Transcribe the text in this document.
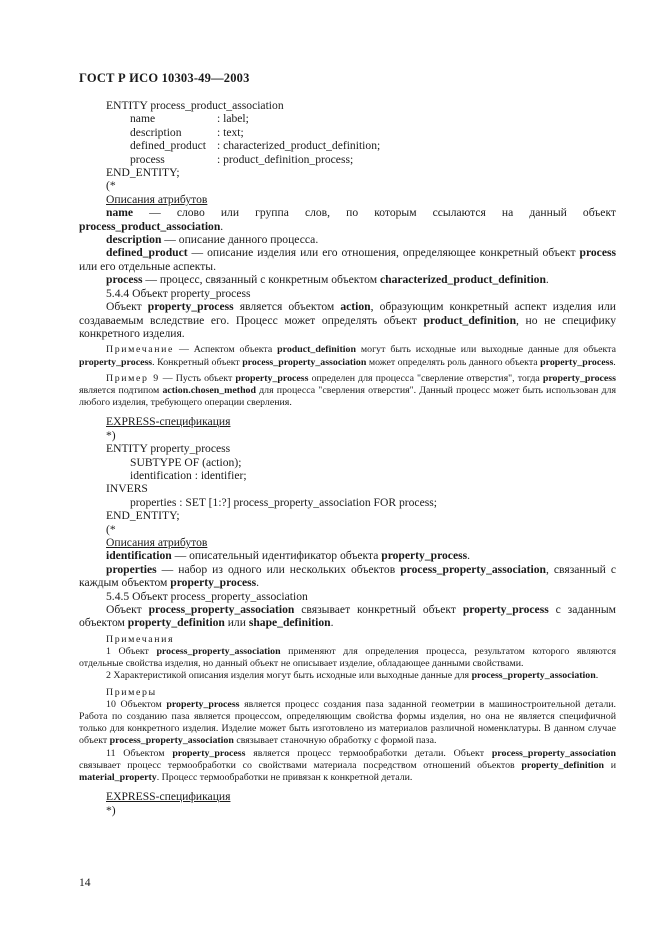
ГОСТ Р ИСО 10303-49—2003

ENTITY process_product_association

name	: label;
description	: text;
defined_product	: characterized_product_definition;
process	: product_definition_process;

END_ENTITY;

(*

Описания атрибутов

name — слово или группа слов, по которым ссылаются на данный объект process_product_association.

description — описание данного процесса.

defined_product — описание изделия или его отношения, определяющее конкретный объект process или его отдельные аспекты.

process — процесс, связанный с конкретным объектом characterized_product_definition.

5.4.4 Объект property_process

Объект property_process является объектом action, образующим конкретный аспект изделия или создаваемым вследствие его. Процесс может определять объект product_definition, но не специфику конкретного изделия.

Примечание — Аспектом объекта product_definition могут быть исходные или выходные данные для объекта property_process. Конкретный объект process_property_association может определять роль данного объекта property_process.

Пример 9 — Пусть объект property_process определен для процесса "сверление отверстия", тогда property_process является подтипом action.chosen_method для процесса "сверления отверстия". Данный процесс может быть использован для любого изделия, требующего операции сверления.

EXPRESS-спецификация

*)

ENTITY property_process

SUBTYPE OF (action);

identification : identifier;

INVERS

properties : SET [1:?] process_property_association FOR process;

END_ENTITY;

(*

Описания атрибутов

identification — описательный идентификатор объекта property_process.

properties — набор из одного или нескольких объектов process_property_association, связанный с каждым объектом property_process.

5.4.5 Объект process_property_association

Объект process_property_association связывает конкретный объект property_process с заданным объектом property_definition или shape_definition.

Примечания

1 Объект process_property_association применяют для определения процесса, результатом которого являются отдельные свойства изделия, но данный объект не описывает изделие, обладающее данными свойствами.

2 Характеристикой описания изделия могут быть исходные или выходные данные для process_property_association.

Примеры

10 Объектом property_process является процесс создания паза заданной геометрии в машиностроительной детали. Работа по созданию паза является процессом, определяющим свойства формы изделия, но она не является специфичной только для конкретного изделия. Изделие может быть изготовлено из материалов различной номенклатуры. В данном случае объект process_property_association связывает станочную обработку с формой паза.

11 Объектом property_process является процесс термообработки детали. Объект process_property_association связывает процесс термообработки со свойствами материала посредством отношений объектов property_definition и material_property. Процесс термообработки не привязан к конкретной детали.

EXPRESS-спецификация

*)

14
